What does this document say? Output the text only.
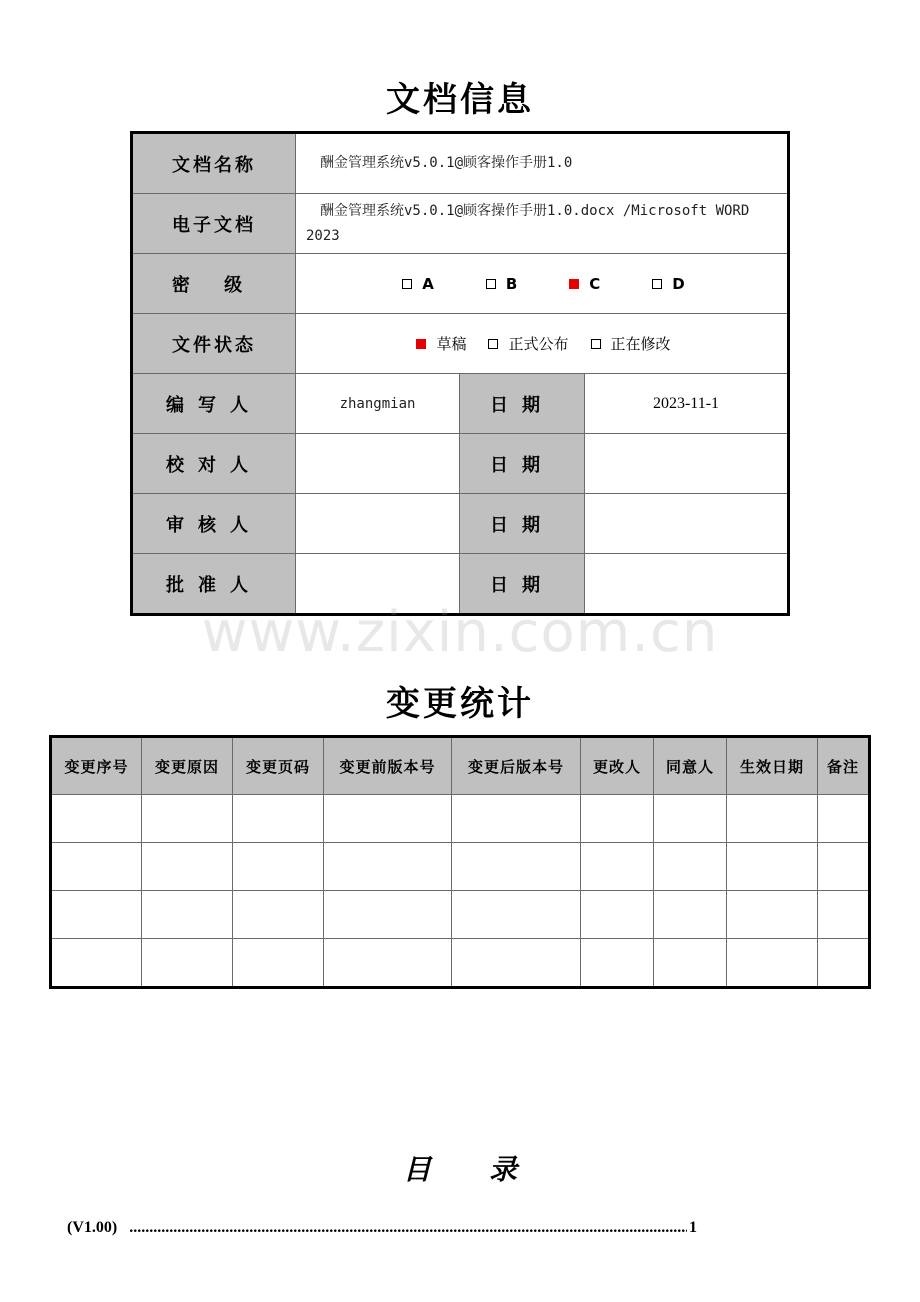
文档信息
文档名称	酬金管理系统v5.0.1@顾客操作手册1.0		
电子文档	酬金管理系统v5.0.1@顾客操作手册1.0.docx /Microsoft WORD
2023		

密 级	A B C D		

文件状态	草稿 正式公布 正在修改		

编写人	zhangmian	日期	2023-11-1
校对人		日期	
审核人		日期	
批准人		日期	
www.zixin.com.cn
变更统计
变更序号	变更原因	变更页码	变更前版本号	变更后版本号	更改人	同意人	生效日期	备注

目录
(V1.00) .....	1
